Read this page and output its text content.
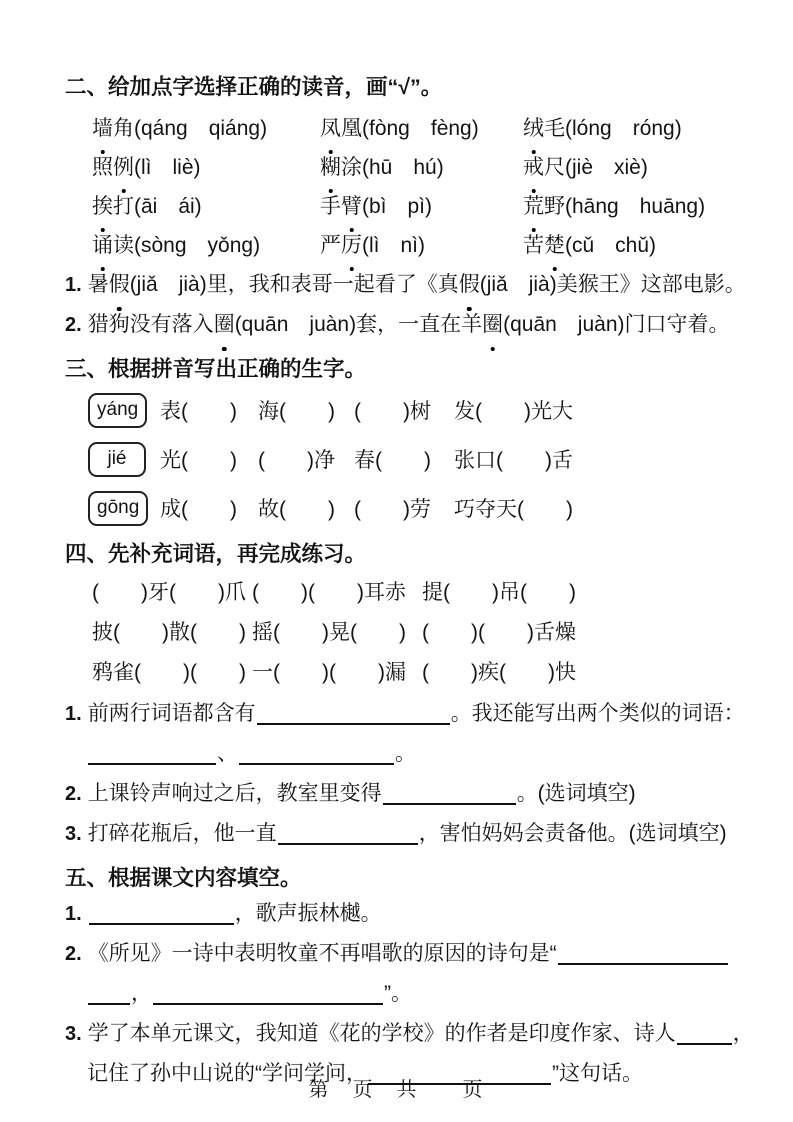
二、给加点字选择正确的读音，画“√”。
墙角(qáng　qiáng)	凤凰(fòng　fèng)	绒毛(lóng　róng)
照例(lì　liè)	糊涂(hū　hú)	戒尺(jiè　xiè)
挨打(āi　ái)	手臂(bì　pì)	荒野(hāng　huāng)
诵读(sòng　yǒng)	严厉(lì　nì)	苦楚(cǔ　chǔ)
1. 暑假(jiǎ　jià)里，我和表哥一起看了《真假(jiǎ　jià)美猴王》这部电影。
2. 猎狗没有落入圈(quān　juàn)套，一直在羊圈(quān　juàn)门口守着。
三、根据拼音写出正确的生字。
yáng	表(　　)	海(　　) (　　)树	发(　　)光大
jié	光(　　)	(　　)净 春(　　)	张口(　　)舌
gōng 成(　　)	故(　　) (　　)劳	巧夺天(　　)
四、先补充词语，再完成练习。
(　　)牙(　　)爪 (　　)(　　)耳赤 提(　　)吊(　　)
披(　　)散(　　) 摇(　　)晃(　　) (　　)(　　)舌燥
鸦雀(　　)(　　) 一(　　)(　　)漏 (　　)疾(　　)快
1. 前两行词语都含有	。我还能写出两个类似的词语：
、	。
2. 上课铃声响过之后，教室里变得	。(选词填空)
3. 打碎花瓶后，他一直	，害怕妈妈会责备他。(选词填空)
五、根据课文内容填空。
1.	，歌声振林樾。
2. 《所见》一诗中表明牧童不再唱歌的原因的诗句是“
，	”。
3. 学了本单元课文，我知道《花的学校》的作者是印度作家、诗人	，
记住了孙中山说的“学问学问，	”这句话。
第　页　共　　页
